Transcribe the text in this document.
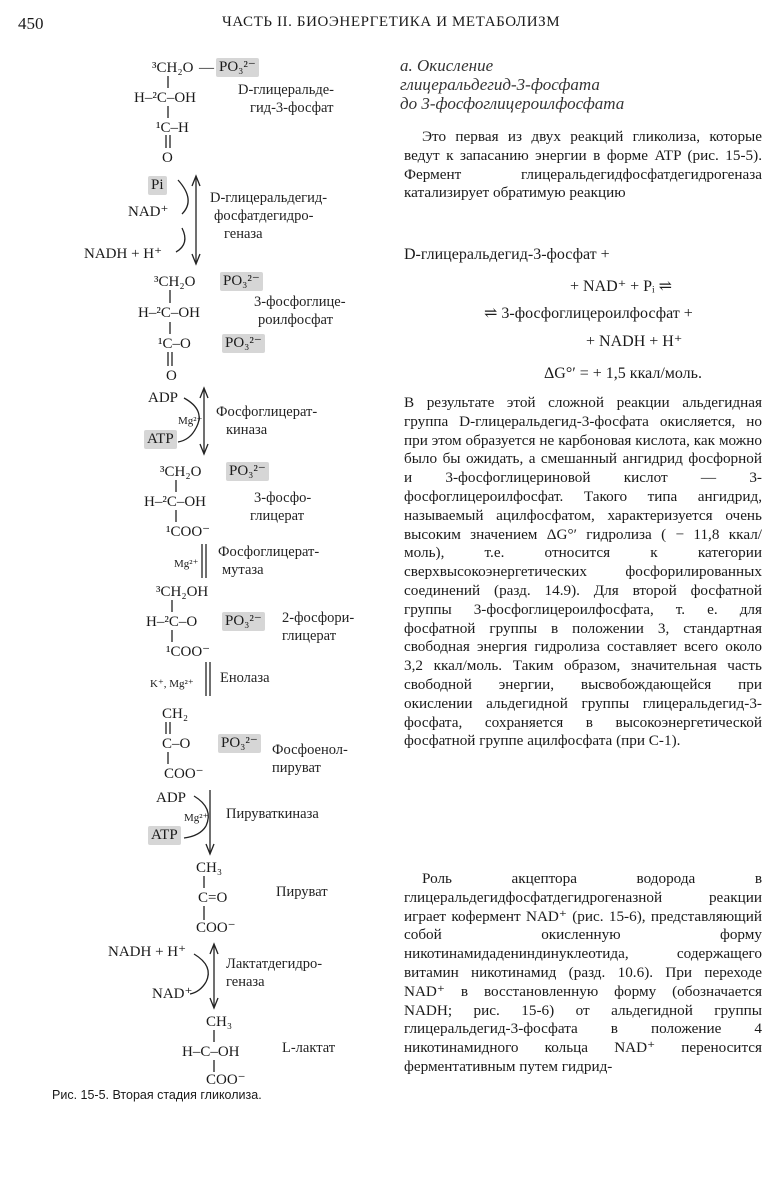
450	ЧАСТЬ II. БИОЭНЕРГЕТИКА И МЕТАБОЛИЗМ
³CH₂O — PO₃²⁻
H–²C–OH
¹C–H
O
D-глицеральде-
гид-3-фосфат
Pi
NAD⁺
NADH + H⁺
D-глицеральдегид-
фосфатдегидро-
геназа
³CH₂O PO₃²⁻
H–²C–OH
¹C–O PO₃²⁻
O
3-фосфоглице-
роилфосфат
ADP
Mg²⁺
ATP
Фосфоглицерат-
киназа
³CH₂O PO₃²⁻
H–²C–OH
¹COO⁻
3-фосфо-
глицерат
Mg²⁺
Фосфоглицерат-
мутаза
³CH₂OH
H–²C–O PO₃²⁻
¹COO⁻
2-фосфори-
глицерат
K⁺, Mg²⁺ Енолаза
CH₂
C–O PO₃²⁻
COO⁻
Фосфоенол-
пируват
ADP
Mg²⁺
ATP
Пируваткиназа
CH₃
C=O
COO⁻
Пируват
NADH + H⁺
NAD⁺
Лактатдегидро-
геназа
CH₃
H–C–OH
COO⁻
L-лактат
Рис. 15-5. Вторая стадия гликолиза.
а. Окисление
глицеральдегид-3-фосфата
до 3-фосфоглицероилфосфата

Это первая из двух реакций гликолиза, которые ведут к запасанию энергии в форме ATP (рис. 15-5). Фермент глицеральдегидфосфатдегидрогеназа катализирует обратимую реакцию

D-глицеральдегид-3-фосфат +
+ NAD⁺ + Pᵢ ⇌
⇌ 3-фосфоглицероилфосфат +
+ NADH + H⁺
ΔG°′ = + 1,5 ккал/моль.

В результате этой сложной реакции альдегидная группа D-глицеральдегид-3-фосфата окисляется, но при этом образуется не карбоновая кислота, как можно было бы ожидать, а смешанный ангидрид фосфорной и 3-фосфоглицериновой кислот — 3-фосфоглицероилфосфат. Такого типа ангидрид, называемый ацилфосфатом, характеризуется очень высоким значением ΔG°′ гидролиза ( − 11,8 ккал/моль), т.е. относится к категории сверхвысокоэнергетических фосфорилированных соединений (разд. 14.9). Для второй фосфатной группы 3-фосфоглицероилфосфата, т. е. для фосфатной группы в положении 3, стандартная свободная энергия гидролиза составляет всего около 3,2 ккал/моль. Таким образом, значительная часть свободной энергии, высвобождающейся при окислении альдегидной группы глицеральдегид-3-фосфата, сохраняется в высокоэнергетической фосфатной группе ацилфосфата (при С-1).

Роль акцептора водорода в глицеральдегидфосфатдегидрогеназной реакции играет кофермент NAD⁺ (рис. 15-6), представляющий собой окисленную форму никотинамидадениндинуклеотида, содержащего витамин никотинамид (разд. 10.6). При переходе NAD⁺ в восстановленную форму (обозначается NADH; рис. 15-6) от альдегидной группы глицеральдегид-3-фосфата в положение 4 никотинамидного кольца NAD⁺ переносится ферментативным путем гидрид-
